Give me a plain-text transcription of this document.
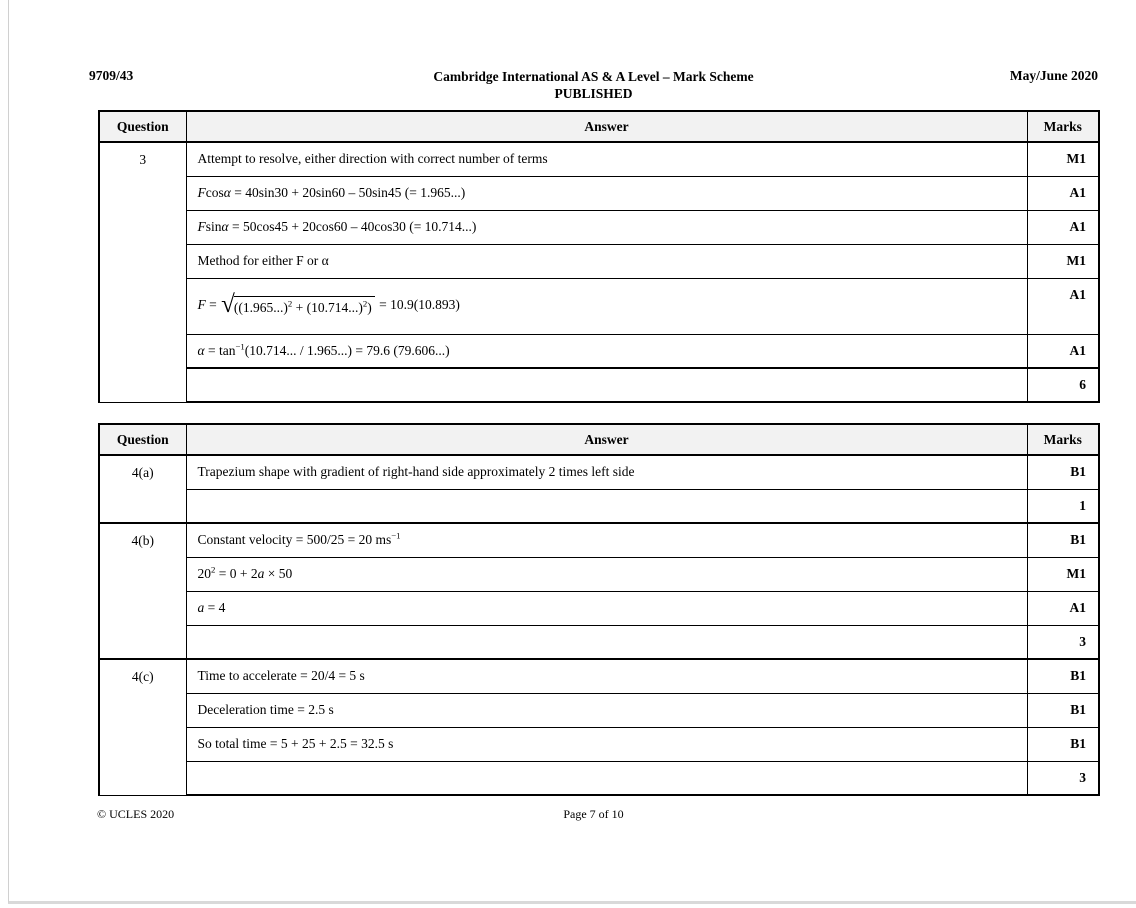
9709/43	May/June 2020
Cambridge International AS & A Level – Mark Scheme
PUBLISHED
Question	Answer	Marks
3	Attempt to resolve, either direction with correct number of terms	M1
	Fcosα = 40sin30 + 20sin60 – 50sin45 (= 1.965...)	A1
	Fsinα = 50cos45 + 20cos60 – 40cos30 (= 10.714...)	A1
	Method for either F or α	M1
	F = √ $((1.965...)^2 + (10.714...)^2) = 10.9(10.893)$	A1
	$\alpha = \tan^{-1}(10.714$... / 1.965...) = 79.6 (79.606...)	A1
		6
Question	Answer	Marks
4(a)	Trapezium shape with gradient of right-hand side approximately 2 times left side	B1
		1
4(b)	Constant velocity = 500/25 = 20 $ms^{-1}$	B1
	$20^2 = 0 + 2a \times 50$	M1
	a = 4	A1
		3
4(c)	Time to accelerate = 20/4 = 5 s	B1
	Deceleration time = 2.5 s	B1
	So total time = 5 + 25 + 2.5 = 32.5 s	B1
		3
© UCLES 2020	Page 7 of 10
